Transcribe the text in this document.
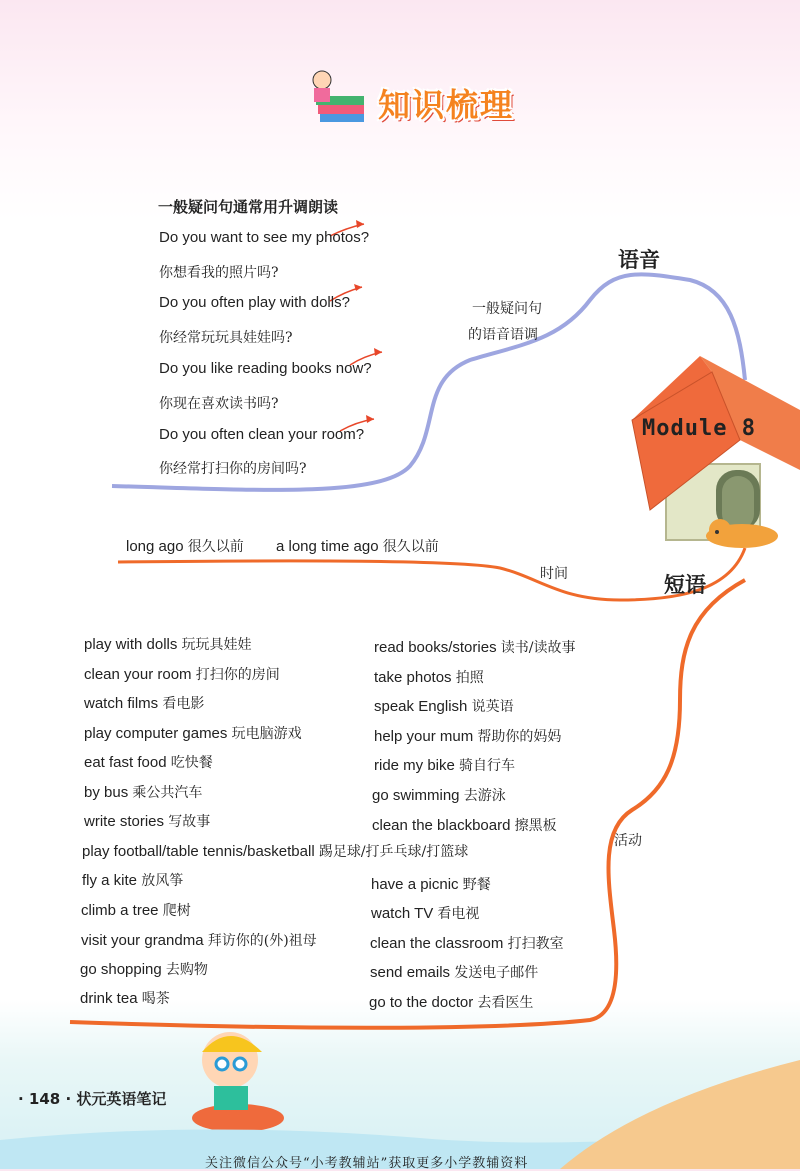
知识梳理
语音
一般疑问句
的语音语调
一般疑问句通常用升调朗读
Do you want to see my photos?
你想看我的照片吗?
Do you often play with dolls?
你经常玩玩具娃娃吗?
Do you like reading books now?
你现在喜欢读书吗?
Do you often clean your room?
你经常打扫你的房间吗?
Module 8
long ago 很久以前 a long time ago 很久以前
时间	短语
活动
play with dolls 玩玩具娃娃
clean your room 打扫你的房间
watch films 看电影
play computer games 玩电脑游戏
eat fast food 吃快餐
by bus 乘公共汽车
write stories 写故事
play football/table tennis/basketball 踢足球/打乒乓球/打篮球
fly a kite 放风筝
climb a tree 爬树
visit your grandma 拜访你的(外)祖母
go shopping 去购物
drink tea 喝茶
read books/stories 读书/读故事
take photos 拍照
speak English 说英语
help your mum 帮助你的妈妈
ride my bike 骑自行车
go swimming 去游泳
clean the blackboard 擦黑板
have a picnic 野餐
watch TV 看电视
clean the classroom 打扫教室
send emails 发送电子邮件
go to the doctor 去看医生
· 148 · 状元英语笔记
关注微信公众号“小考教辅站”获取更多小学教辅资料
